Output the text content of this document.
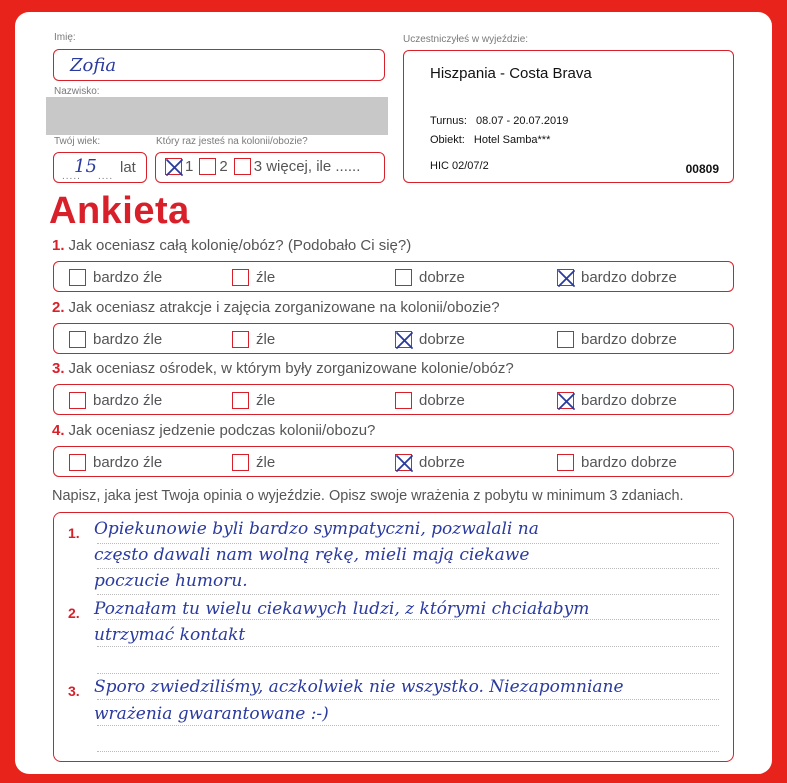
Imię:
Zofia
Nazwisko:
Twój wiek:
.....
15 ....
lat
Który raz jesteś na kolonii/obozie?
1 2 3 więcej, ile ......
Uczestniczyłeś w wyjeździe:
Hiszpania - Costa Brava
Turnus: 08.07 - 20.07.2019
Obiekt: Hotel Samba***
HIC 02/07/2	00809
Ankieta
1. Jak oceniasz całą kolonię/obóz? (Podobało Ci się?)
bardzo źle	źle	dobrze	bardzo dobrze
2. Jak oceniasz atrakcje i zajęcia zorganizowane na kolonii/obozie?
bardzo źle	źle	dobrze	bardzo dobrze
3. Jak oceniasz ośrodek, w którym były zorganizowane kolonie/obóz?
bardzo źle	źle	dobrze	bardzo dobrze
4. Jak oceniasz jedzenie podczas kolonii/obozu?
bardzo źle	źle	dobrze	bardzo dobrze
Napisz, jaka jest Twoja opinia o wyjeździe. Opisz swoje wrażenia z pobytu w minimum 3 zdaniach.
1. Opiekunowie byli bardzo sympatyczni, pozwalali na
często dawali nam wolną rękę, mieli mają ciekawe
poczucie humoru.
2. Poznałam tu wielu ciekawych ludzi, z którymi chciałabym
utrzymać kontakt
3. Sporo zwiedziliśmy, aczkolwiek nie wszystko. Niezapomniane
wrażenia gwarantowane :-)
